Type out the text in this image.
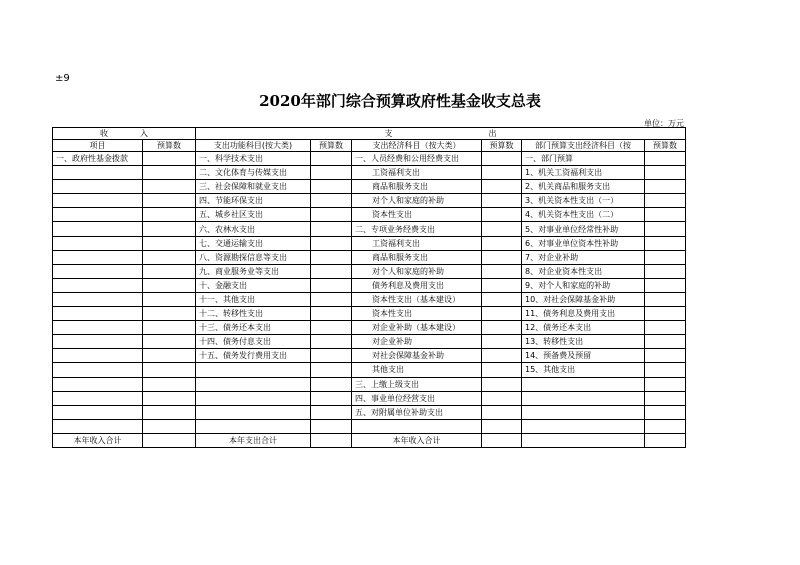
±9
2020年部门综合预算政府性基金收支总表
单位：万元
收　　　　入		支　　　　　　　　　　　　出					
项目	预算数	支出功能科目(按大类)	预算数	支出经济科目（按大类）	预算数	部门预算支出经济科目（按	预算数
一、政府性基金拨款		一、科学技术支出		一、人员经费和公用经费支出		一、部门预算	
		二、文化体育与传媒支出		工资福利支出		1、机关工资福利支出	
		三、社会保障和就业支出		商品和服务支出		2、机关商品和服务支出	
		四、节能环保支出		对个人和家庭的补助		3、机关资本性支出（一）	
		五、城乡社区支出		资本性支出		4、机关资本性支出（二）	
		六、农林水支出		二、专项业务经费支出		5、对事业单位经常性补助	
		七、交通运输支出		工资福利支出		6、对事业单位资本性补助	
		八、资源勘探信息等支出		商品和服务支出		7、对企业补助	
		九、商业服务业等支出		对个人和家庭的补助		8、对企业资本性支出	
		十、金融支出		债务利息及费用支出		9、对个人和家庭的补助	
		十一、其他支出		资本性支出（基本建设）		10、对社会保障基金补助	
		十二、转移性支出		资本性支出		11、债务利息及费用支出	
		十三、债务还本支出		对企业补助（基本建设）		12、债务还本支出	
		十四、债务付息支出		对企业补助		13、转移性支出	
		十五、债务发行费用支出		对社会保障基金补助		14、预备费及预留	
				其他支出		15、其他支出	
				三、上缴上级支出			
				四、事业单位经营支出			
				五、对附属单位补助支出			

本年收入合计		本年支出合计		本年收入合计			
